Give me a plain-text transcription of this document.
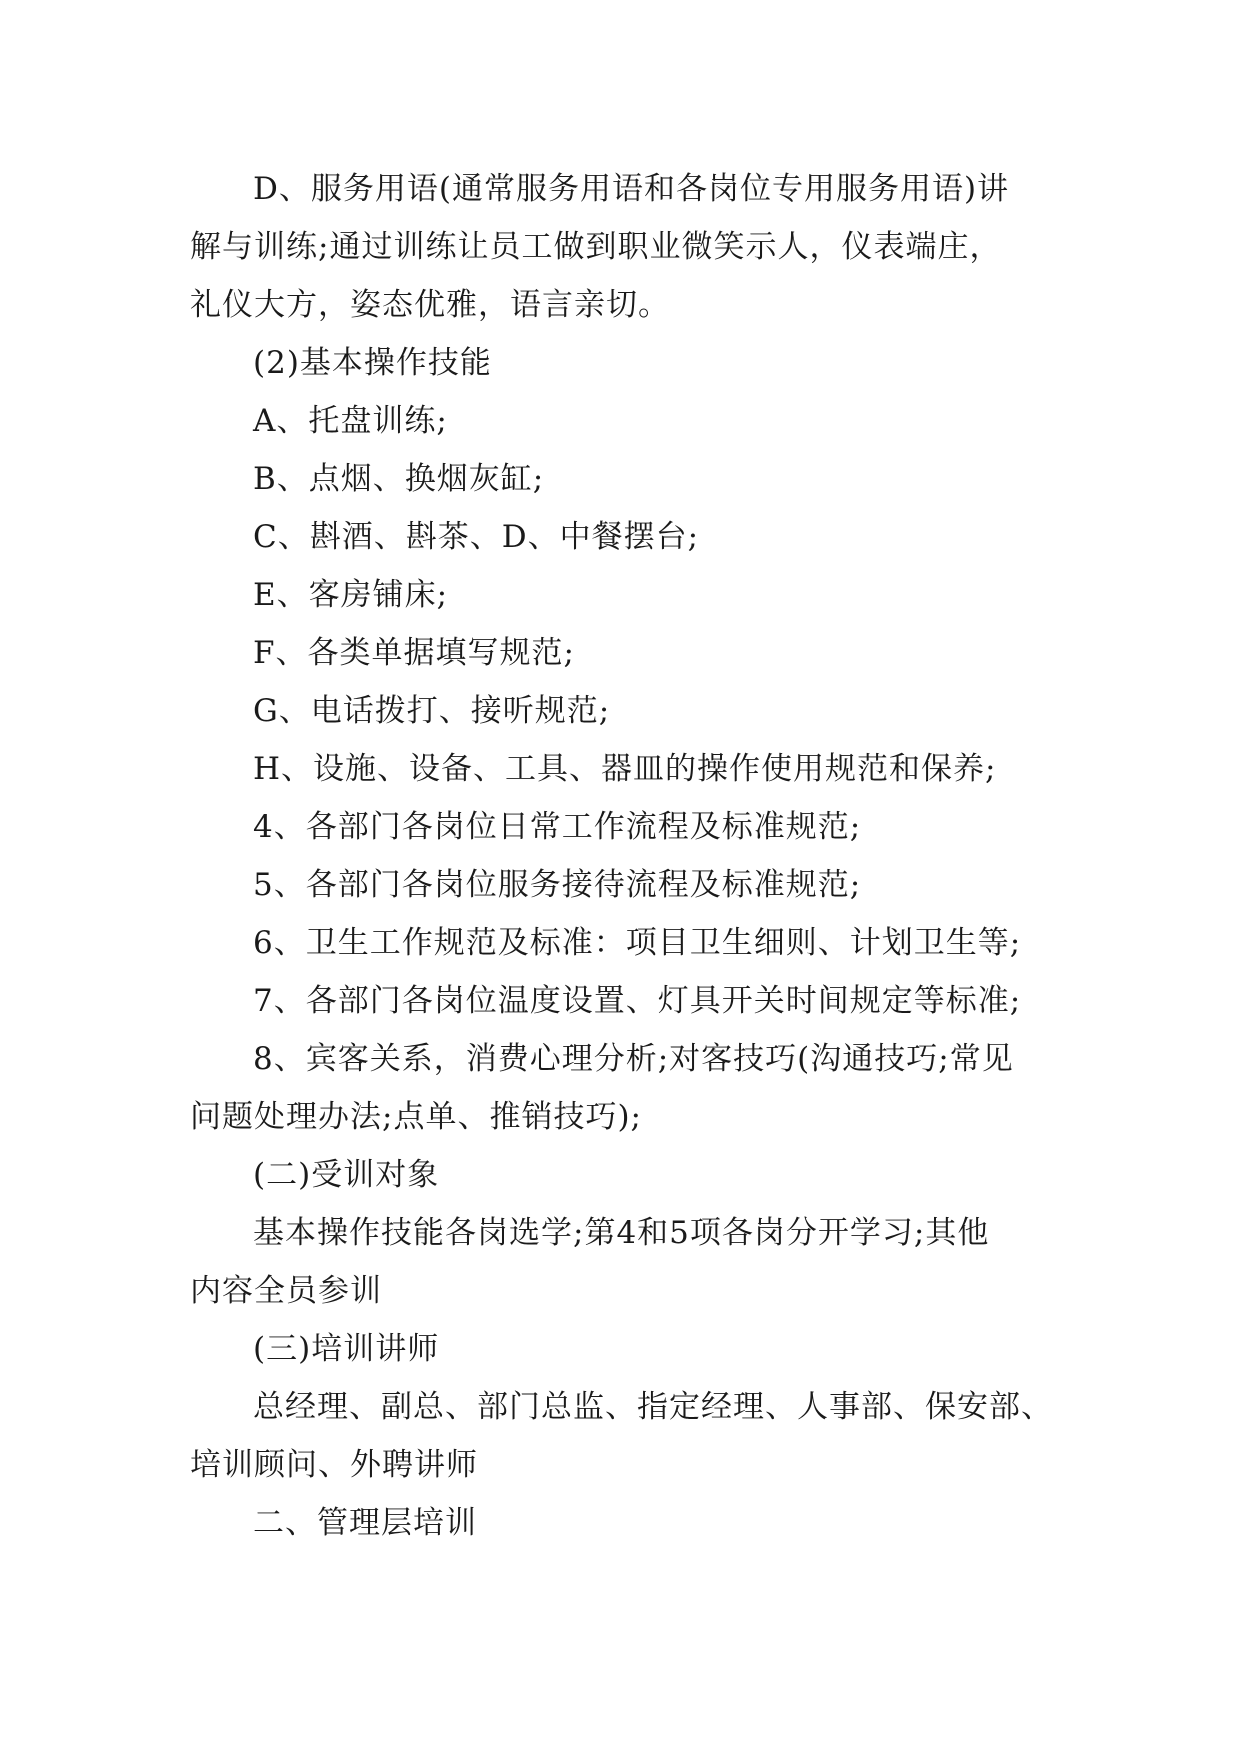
D、服务用语(通常服务用语和各岗位专用服务用语)讲
解与训练;通过训练让员工做到职业微笑示人，仪表端庄，
礼仪大方，姿态优雅，语言亲切。

(2)基本操作技能

A、托盘训练;

B、点烟、换烟灰缸;

C、斟酒、斟茶、D、中餐摆台;

E、客房铺床;

F、各类单据填写规范;

G、电话拨打、接听规范;

H、设施、设备、工具、器皿的操作使用规范和保养;

4、各部门各岗位日常工作流程及标准规范;

5、各部门各岗位服务接待流程及标准规范;

6、卫生工作规范及标准：项目卫生细则、计划卫生等;

7、各部门各岗位温度设置、灯具开关时间规定等标准;

8、宾客关系，消费心理分析;对客技巧(沟通技巧;常见
问题处理办法;点单、推销技巧);

(二)受训对象

基本操作技能各岗选学;第4和5项各岗分开学习;其他
内容全员参训

(三)培训讲师

总经理、副总、部门总监、指定经理、人事部、保安部、
培训顾问、外聘讲师

二、管理层培训
